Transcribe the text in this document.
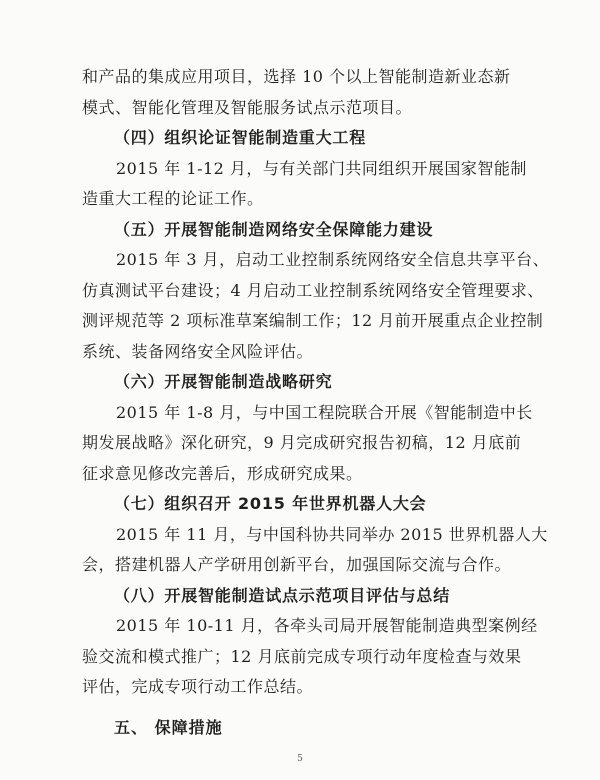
和产品的集成应用项目，选择 10 个以上智能制造新业态新
模式、智能化管理及智能服务试点示范项目。
（四）组织论证智能制造重大工程
2015 年 1-12 月，与有关部门共同组织开展国家智能制
造重大工程的论证工作。
（五）开展智能制造网络安全保障能力建设
2015 年 3 月，启动工业控制系统网络安全信息共享平台、
仿真测试平台建设；4 月启动工业控制系统网络安全管理要求、
测评规范等 2 项标准草案编制工作；12 月前开展重点企业控制
系统、装备网络安全风险评估。
（六）开展智能制造战略研究
2015 年 1-8 月，与中国工程院联合开展《智能制造中长
期发展战略》深化研究，9 月完成研究报告初稿，12 月底前
征求意见修改完善后，形成研究成果。
（七）组织召开 2015 年世界机器人大会
2015 年 11 月，与中国科协共同举办 2015 世界机器人大
会，搭建机器人产学研用创新平台，加强国际交流与合作。
（八）开展智能制造试点示范项目评估与总结
2015 年 10-11 月，各牵头司局开展智能制造典型案例经
验交流和模式推广；12 月底前完成专项行动年度检查与效果
评估，完成专项行动工作总结。
五、 保障措施
5
